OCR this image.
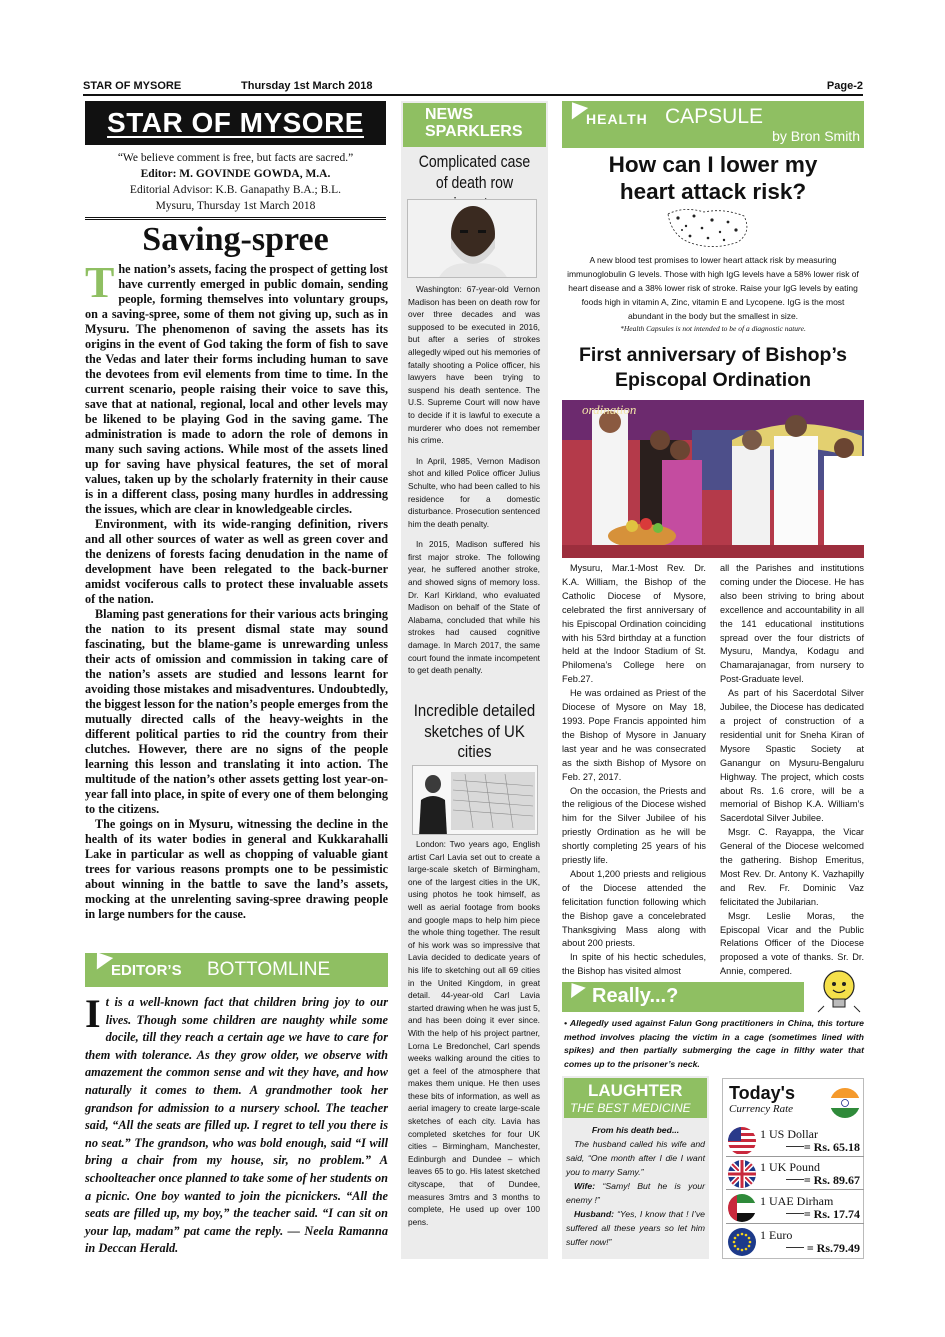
STAR OF MYSORE	Thursday 1st March 2018	Page-2
STAR OF MYSORE
“We believe comment is free, but facts are sacred.”
Editor: M. GOVINDE GOWDA, M.A.
Editorial Advisor: K.B. Ganapathy B.A.; B.L.
Mysuru, Thursday 1st March 2018
Saving-spree
T he nation’s assets, facing the prospect of getting lost have currently emerged in public domain, sending people, forming themselves into voluntary groups, on a saving-spree, some of them not giving up, such as in Mysuru. The phenomenon of saving the assets has its origins in the event of God taking the form of fish to save the Vedas and later their forms including human to save the devotees from evil elements from time to time. In the current scenario, people raising their voice to save this, save that at national, regional, local and other levels may be likened to be playing God in the saving game. The administration is made to adorn the role of demons in many such saving actions. While most of the assets lined up for saving have physical features, the set of moral values, taken up by the scholarly fraternity in their cause is in a different class, posing many hurdles in addressing the issues, which are clear in knowledgeable circles.

Environment, with its wide-ranging definition, rivers and all other sources of water as well as green cover and the denizens of forests facing denudation in the name of development have been relegated to the back-burner amidst vociferous calls to protect these invaluable assets of the nation.

Blaming past generations for their various acts bringing the nation to its present dismal state may sound fascinating, but the blame-game is unrewarding unless their acts of omission and commission in taking care of the nation’s assets are studied and lessons learnt for avoiding those mistakes and misadventures. Undoubtedly, the biggest lesson for the nation’s people emerges from the mutually directed calls of the heavy-weights in the different political parties to rid the country from their clutches. However, there are no signs of the people learning this lesson and translating it into action. The multitude of the nation’s other assets getting lost year-on-year fall into place, in spite of every one of them belonging to the citizens.

The goings on in Mysuru, witnessing the decline in the health of its water bodies in general and Kukkarahalli Lake in particular as well as chopping of valuable giant trees for various reasons prompts one to be pessimistic about winning in the battle to save the land’s assets, mocking at the unrelenting saving-spree drawing people in large numbers for the cause.

EDITOR’S BOTTOMLINE
I t is a well-known fact that children bring joy to our lives. Though some children are naughty while some docile, till they reach a certain age we have to care for them with tolerance. As they grow older, we observe with amazement the common sense and wit they have, and how naturally it comes to them. A grandmother took her grandson for admission to a nursery school. The teacher said, “All the seats are filled up. I regret to tell you there is no seat.” The grandson, who was bold enough, said “I will bring a chair from my house, sir, no problem.” A schoolteacher once planned to take some of her students on a picnic. One boy wanted to join the picnickers. “All the seats are filled up, my boy,” the teacher said. “I can sit on your lap, madam” pat came the reply. — Neela Ramanna in Deccan Herald.
NEWS
SPARKLERS
Complicated case of death row

Washington: 67-year-old Vernon Madison has been on death row for over three decades and was supposed to be executed in 2016, but after a series of strokes allegedly wiped out his memories of fatally shooting a Police officer, his lawyers have been trying to suspend his death sentence. The U.S. Supreme Court will now have to decide if it is lawful to execute a murderer who does not remember his crime.

In April, 1985, Vernon Madison shot and killed Police officer Julius Schulte, who had been called to his residence for a domestic disturbance. Prosecution sentenced him the death penalty.

In 2015, Madison suffered his first major stroke. The following year, he suffered another stroke, and showed signs of memory loss. Dr. Karl Kirkland, who evaluated Madison on behalf of the State of Alabama, concluded that while his strokes had caused cognitive damage. In March 2017, the same court found the inmate incompetent to get death penalty.

Incredible detailed sketches of UK cities

London: Two years ago, English artist Carl Lavia set out to create a large-scale sketch of Birmingham, one of the largest cities in the UK, using photos he took himself, as well as aerial footage from books and google maps to help him piece the whole thing together. The result of his work was so impressive that Lavia decided to dedicate years of his life to sketching out all 69 cities in the United Kingdom, in great detail. 44-year-old Carl Lavia started drawing when he was just 5, and has been doing it ever since. With the help of his project partner, Lorna Le Bredonchel, Carl spends weeks walking around the cities to get a feel of the atmosphere that makes them unique. He then uses these bits of information, as well as aerial imagery to create large-scale sketches of each city. Lavia has completed sketches for four UK cities – Birmingham, Manchester, Edinburgh and Dundee – which leaves 65 to go. His latest sketched cityscape, that of Dundee, measures 3mtrs and 3 months to complete, He used up over 100 pens.

HEALTH CAPSULE
by Bron Smith
How can I lower my
heart attack risk?
A new blood test promises to lower heart attack risk by measuring immunoglobulin G levels. Those with high IgG levels have a 58% lower risk of heart disease and a 38% lower risk of stroke. Raise your IgG levels by eating foods high in vitamin A, Zinc, vitamin E and Lycopene. IgG is the most abundant in the body but the smallest in size.
*Health Capsules is not intended to be of a diagnostic nature.
First anniversary of Bishop’s
Episcopal Ordination
ordination

Mysuru, Mar.1-Most Rev. Dr. K.A. William, the Bishop of the Catholic Diocese of Mysore, celebrated the first anniversary of his Episcopal Ordination coinciding with his 53rd birthday at a function held at the Indoor Stadium of St. Philomena’s College here on Feb.27.

He was ordained as Priest of the Diocese of Mysore on May 18, 1993. Pope Francis appointed him the Bishop of Mysore in January last year and he was consecrated as the sixth Bishop of Mysore on Feb. 27, 2017.

On the occasion, the Priests and the religious of the Diocese wished him for the Silver Jubilee of his priestly Ordination as he will be shortly completing 25 years of his priestly life.

About 1,200 priests and religious of the Diocese attended the felicitation function following which the Bishop gave a concelebrated Thanksgiving Mass along with about 200 priests.

In spite of his hectic schedules, the Bishop has visited almost

all the Parishes and institutions coming under the Diocese. He has also been striving to bring about excellence and accountability in all the 141 educational institutions spread over the four districts of Mysuru, Mandya, Kodagu and Chamarajanagar, from nursery to Post-Graduate level.

As part of his Sacerdotal Silver Jubilee, the Diocese has dedicated a project of construction of a residential unit for Sneha Kiran of Mysore Spastic Society at Ganangur on Mysuru-Bengaluru Highway. The project, which costs about Rs. 1.6 crore, will be a memorial of Bishop K.A. William’s Sacerdotal Silver Jubilee.

Msgr. C. Rayappa, the Vicar General of the Diocese welcomed the gathering. Bishop Emeritus, Most Rev. Dr. Antony K. Vazhapilly and Rev. Fr. Dominic Vaz felicitated the Jubilarian.

Msgr. Leslie Moras, the Episcopal Vicar and the Public Relations Officer of the Diocese proposed a vote of thanks. Sr. Dr. Annie, compered.

Really...?
• Allegedly used against Falun Gong practitioners in China, this torture method involves placing the victim in a cage (sometimes lined with spikes) and then partially submerging the cage in filthy water that comes up to the prisoner’s neck.
LAUGHTER
THE BEST MEDICINE
From his death bed...
The husband called his wife and said, “One month after I die I want you to marry Samy.”
Wife: “Samy! But he is your enemy !”
Husband: “Yes, I know that ! I’ve suffered all these years so let him suffer now!”
Today's
Currency Rate
1 US Dollar
= Rs. 65.18
1 UK Pound
= Rs. 89.67
1 UAE Dirham
= Rs. 17.74
1 Euro
= Rs.79.49
